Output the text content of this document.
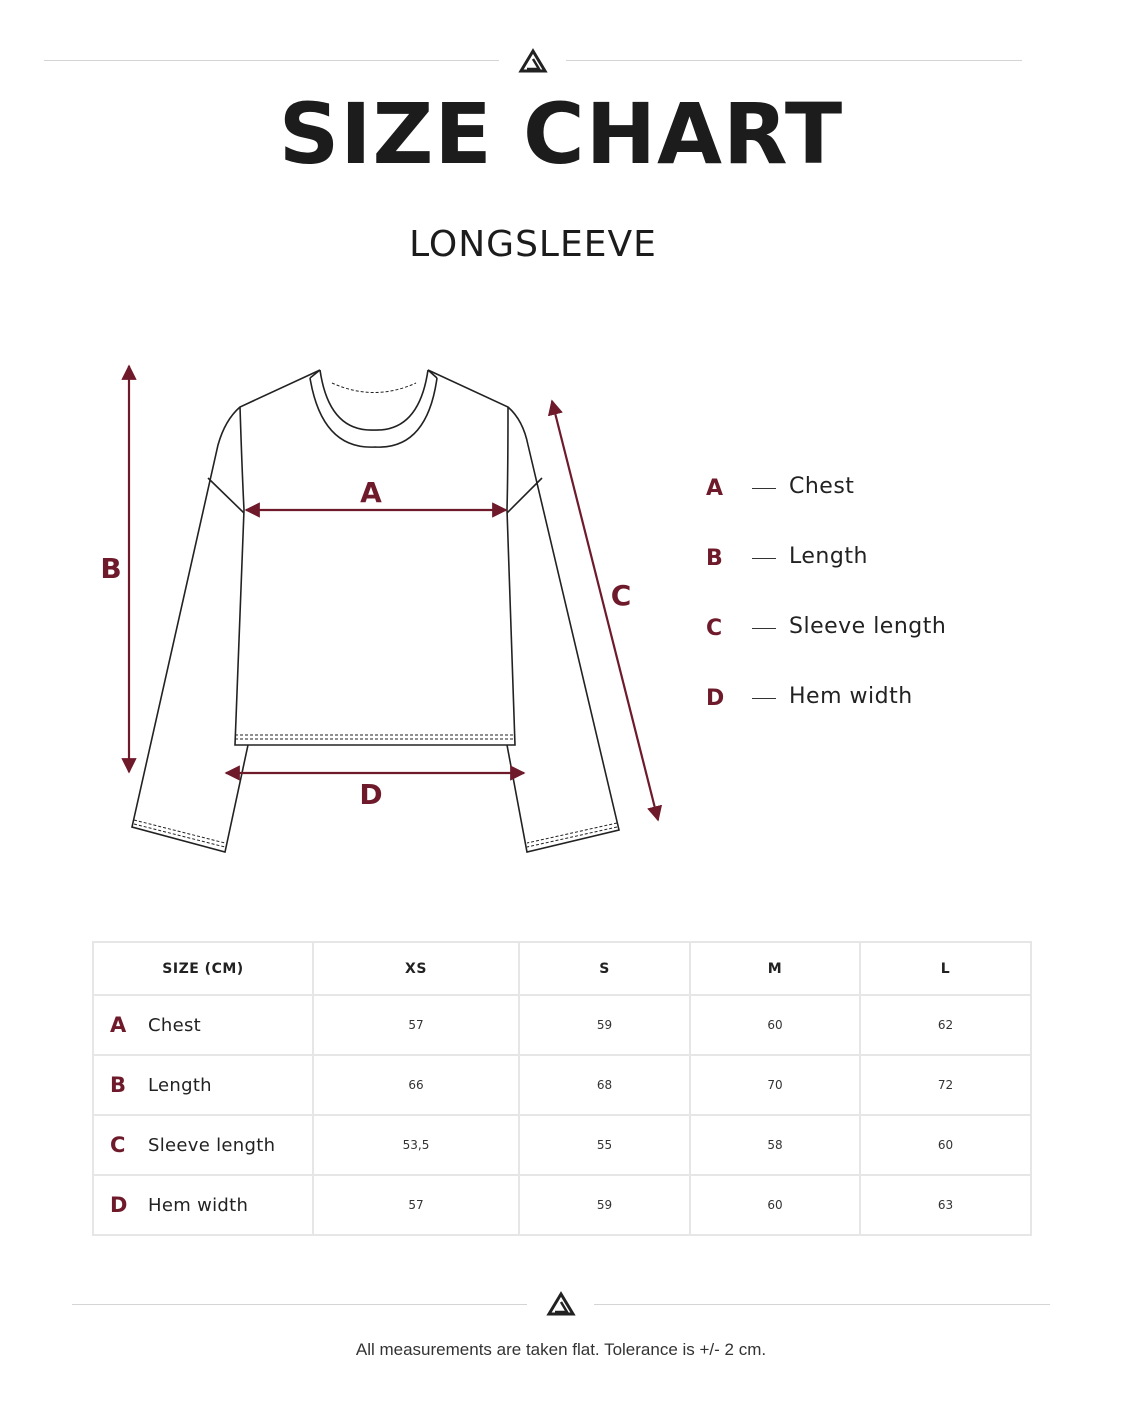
SIZE CHART
LONGSLEEVE
A
B
C
D
A	Chest
B	Length
C	Sleeve length
D	Hem width
SIZE (CM)	XS	S	M	L
A Chest	57	59	60	62
B Length	66	68	70	72
C Sleeve length	53,5	55	58	60
D Hem width	57	59	60	63
All measurements are taken flat. Tolerance is +/- 2 cm.
